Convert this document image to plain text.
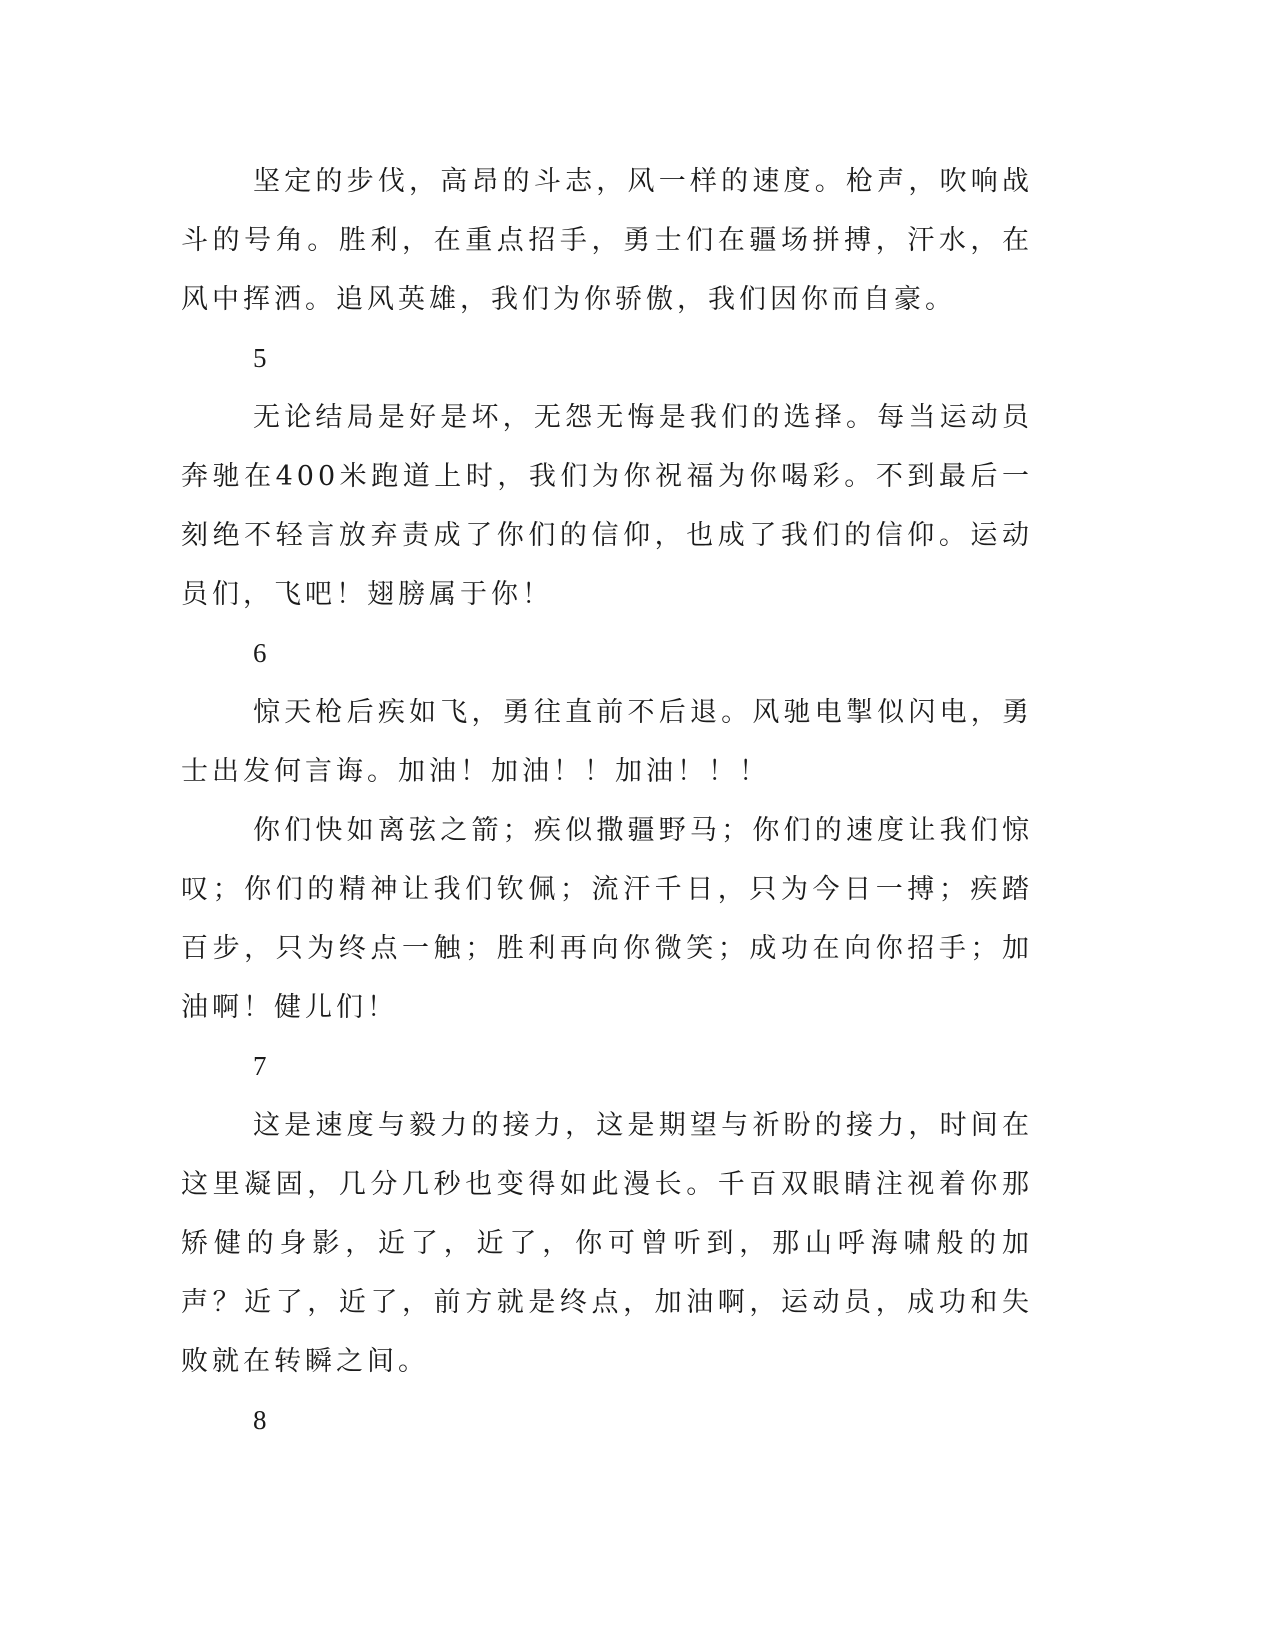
坚定的步伐，高昂的斗志，风一样的速度。枪声，吹响战斗的号角。胜利，在重点招手，勇士们在疆场拼搏，汗水，在风中挥洒。追风英雄，我们为你骄傲，我们因你而自豪。

5

无论结局是好是坏，无怨无悔是我们的选择。每当运动员奔驰在400米跑道上时，我们为你祝福为你喝彩。不到最后一刻绝不轻言放弃责成了你们的信仰，也成了我们的信仰。运动员们，飞吧！翅膀属于你！

6

惊天枪后疾如飞，勇往直前不后退。风驰电掣似闪电，勇士出发何言诲。加油！加油！！加油！！！

你们快如离弦之箭；疾似撒疆野马；你们的速度让我们惊叹；你们的精神让我们钦佩；流汗千日，只为今日一搏；疾踏百步，只为终点一触；胜利再向你微笑；成功在向你招手；加油啊！健儿们！

7

这是速度与毅力的接力，这是期望与祈盼的接力，时间在这里凝固，几分几秒也变得如此漫长。千百双眼睛注视着你那矫健的身影，近了，近了，你可曾听到，那山呼海啸般的加声？近了，近了，前方就是终点，加油啊，运动员，成功和失败就在转瞬之间。

8
